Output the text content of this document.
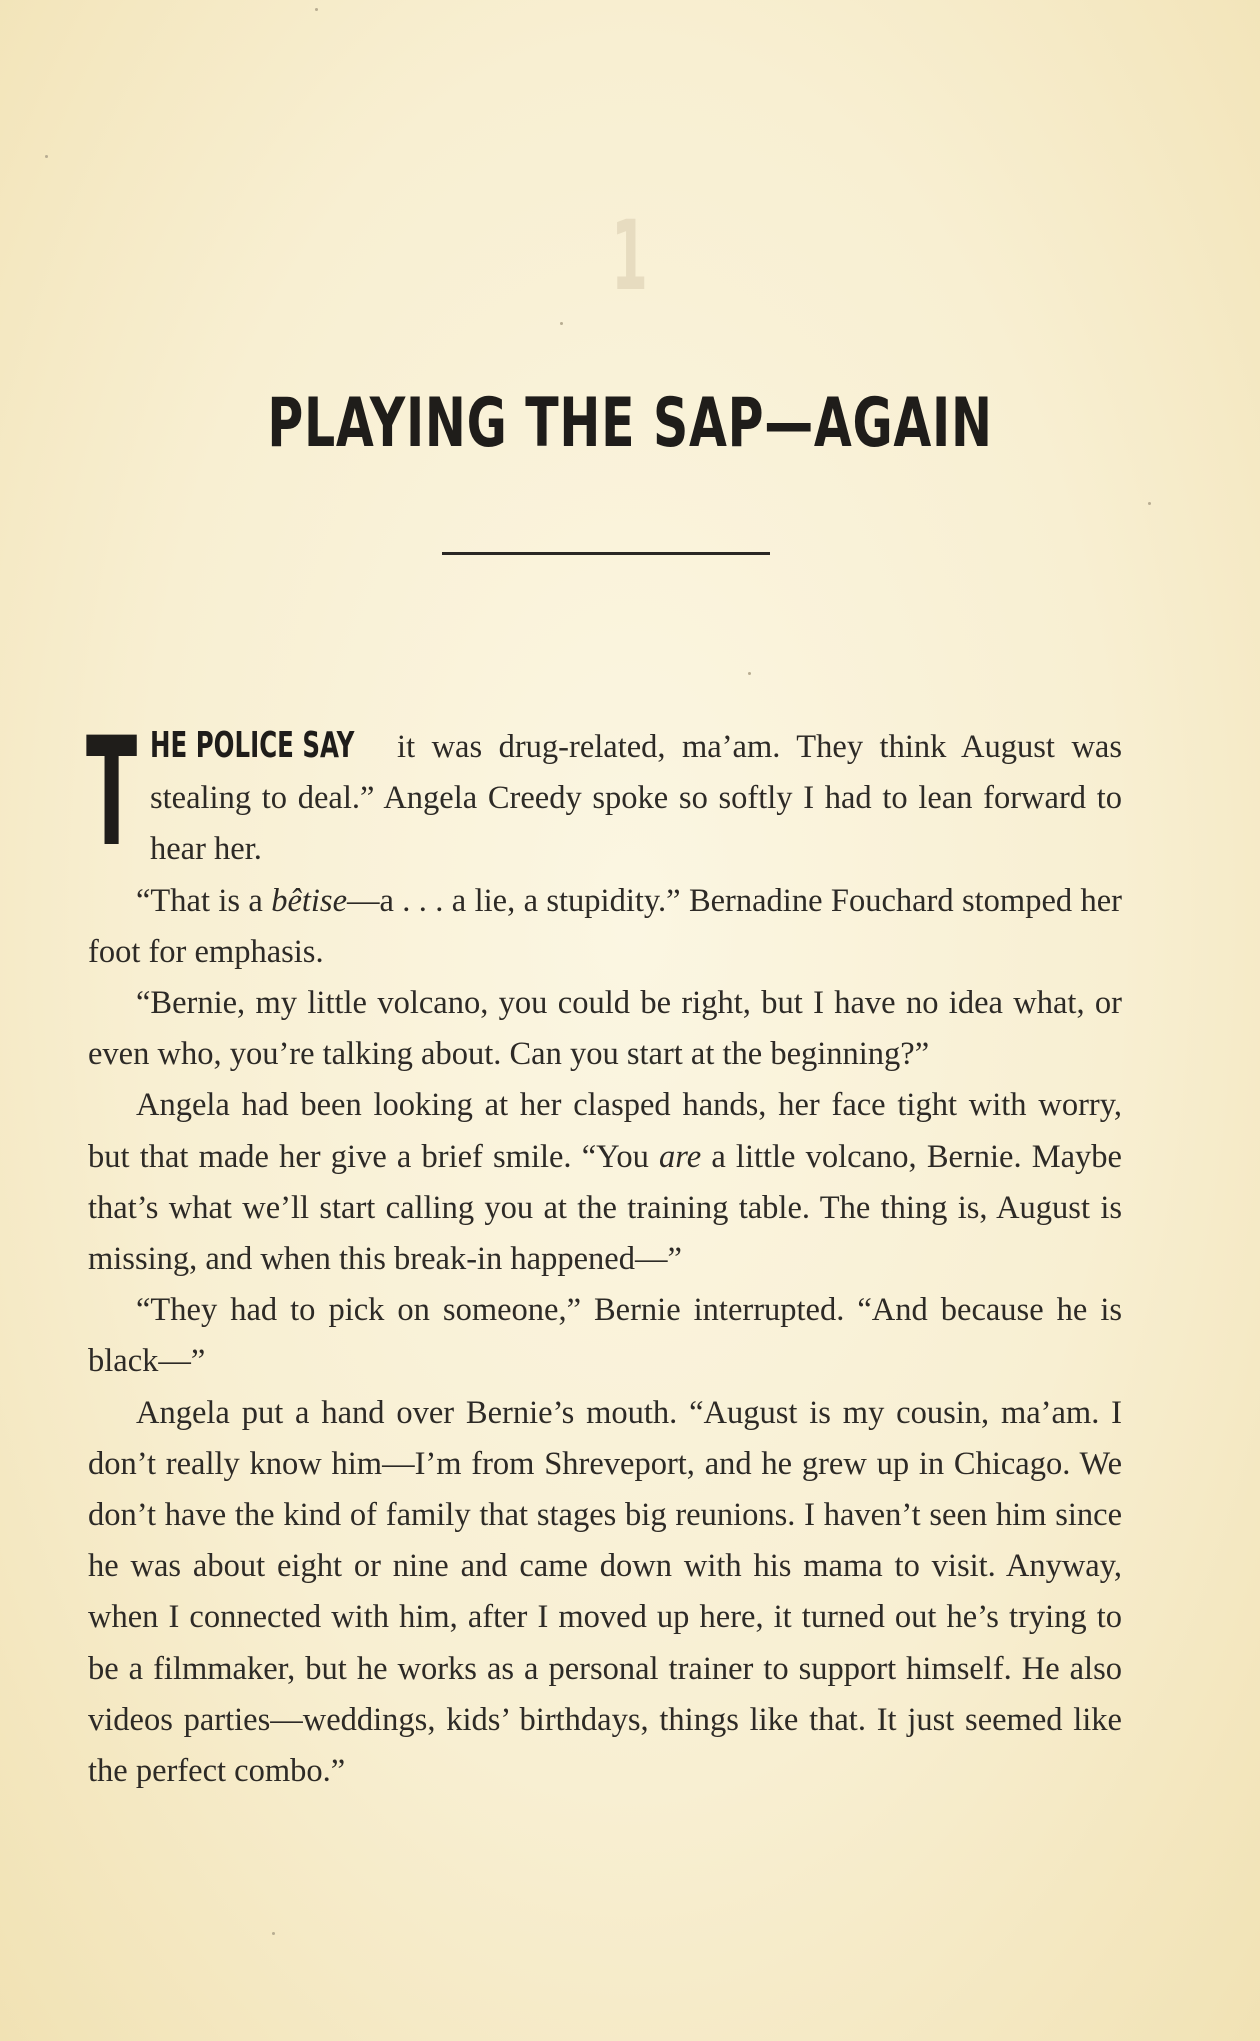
1
PLAYING THE SAP—AGAIN

T HE POLICE SAY it was drug-related, ma’am. They think August was stealing to deal.” Angela Creedy spoke so softly I had to lean forward to hear her.

“That is a bêtise—a . . . a lie, a stupidity.” Bernadine Fouchard stomped her foot for emphasis.

“Bernie, my little volcano, you could be right, but I have no idea what, or even who, you’re talking about. Can you start at the beginning?”

Angela had been looking at her clasped hands, her face tight with worry, but that made her give a brief smile. “You are a little volcano, Bernie. Maybe that’s what we’ll start calling you at the training table. The thing is, August is missing, and when this break-in happened—”

“They had to pick on someone,” Bernie interrupted. “And because he is black—”

Angela put a hand over Bernie’s mouth. “August is my cousin, ma’am. I don’t really know him—I’m from Shreveport, and he grew up in Chicago. We don’t have the kind of family that stages big reunions. I haven’t seen him since he was about eight or nine and came down with his mama to visit. Anyway, when I connected with him, after I moved up here, it turned out he’s trying to be a filmmaker, but he works as a personal trainer to support himself. He also videos parties—weddings, kids’ birthdays, things like that. It just seemed like the perfect combo.”
